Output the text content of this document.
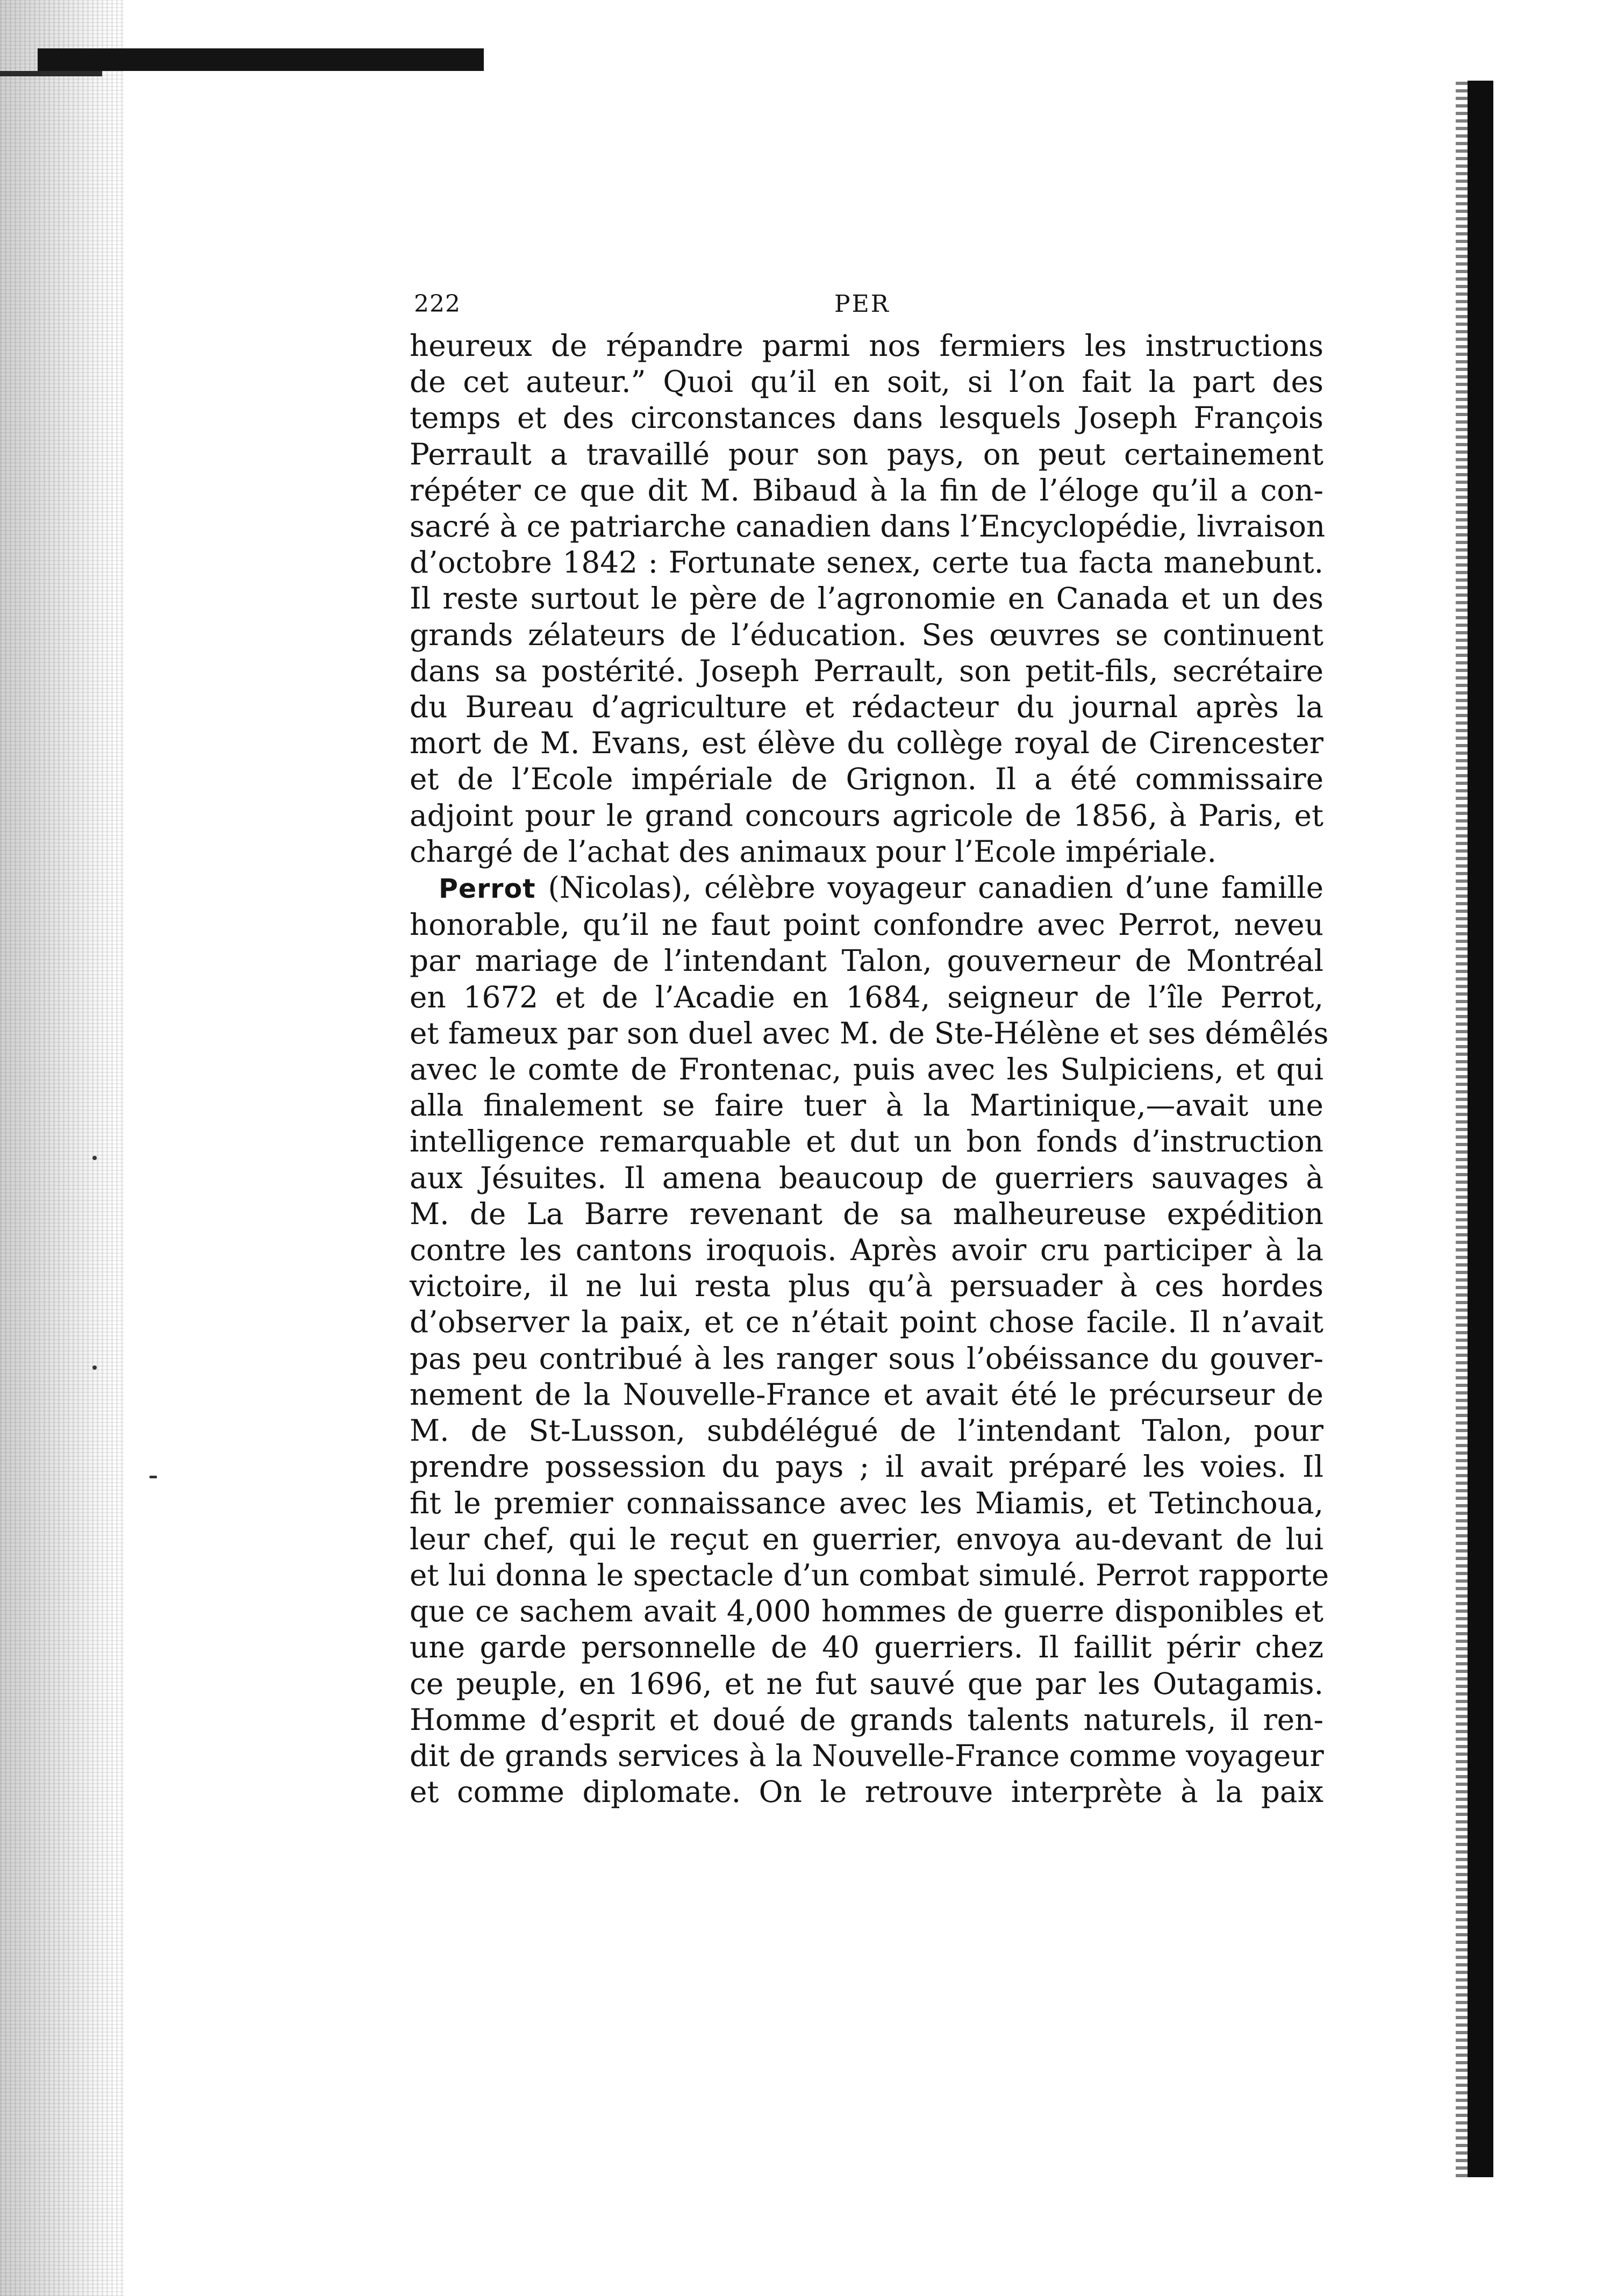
222	PER

heureux de répandre parmi nos fermiers les instructions
de cet auteur.” Quoi qu’il en soit, si l’on fait la part des
temps et des circonstances dans lesquels Joseph François
Perrault a travaillé pour son pays, on peut certainement
répéter ce que dit M. Bibaud à la fin de l’éloge qu’il a con-
sacré à ce patriarche canadien dans l’Encyclopédie, livraison
d’octobre 1842 : Fortunate senex, certe tua facta manebunt.
Il reste surtout le père de l’agronomie en Canada et un des
grands zélateurs de l’éducation. Ses œuvres se continuent
dans sa postérité. Joseph Perrault, son petit-fils, secrétaire
du Bureau d’agriculture et rédacteur du journal après la
mort de M. Evans, est élève du collège royal de Cirencester
et de l’Ecole impériale de Grignon. Il a été commissaire
adjoint pour le grand concours agricole de 1856, à Paris, et
chargé de l’achat des animaux pour l’Ecole impériale.

Perrot (Nicolas), célèbre voyageur canadien d’une famille
honorable, qu’il ne faut point confondre avec Perrot, neveu
par mariage de l’intendant Talon, gouverneur de Montréal
en 1672 et de l’Acadie en 1684, seigneur de l’île Perrot,
et fameux par son duel avec M. de Ste-Hélène et ses démêlés
avec le comte de Frontenac, puis avec les Sulpiciens, et qui
alla finalement se faire tuer à la Martinique,—avait une
intelligence remarquable et dut un bon fonds d’instruction
aux Jésuites. Il amena beaucoup de guerriers sauvages à
M. de La Barre revenant de sa malheureuse expédition
contre les cantons iroquois. Après avoir cru participer à la
victoire, il ne lui resta plus qu’à persuader à ces hordes
d’observer la paix, et ce n’était point chose facile. Il n’avait
pas peu contribué à les ranger sous l’obéissance du gouver-
nement de la Nouvelle-France et avait été le précurseur de
M. de St-Lusson, subdélégué de l’intendant Talon, pour
prendre possession du pays ; il avait préparé les voies. Il
fit le premier connaissance avec les Miamis, et Tetinchoua,
leur chef, qui le reçut en guerrier, envoya au-devant de lui
et lui donna le spectacle d’un combat simulé. Perrot rapporte
que ce sachem avait 4,000 hommes de guerre disponibles et
une garde personnelle de 40 guerriers. Il faillit périr chez
ce peuple, en 1696, et ne fut sauvé que par les Outagamis.
Homme d’esprit et doué de grands talents naturels, il ren-
dit de grands services à la Nouvelle-France comme voyageur
et comme diplomate. On le retrouve interprète à la paix
